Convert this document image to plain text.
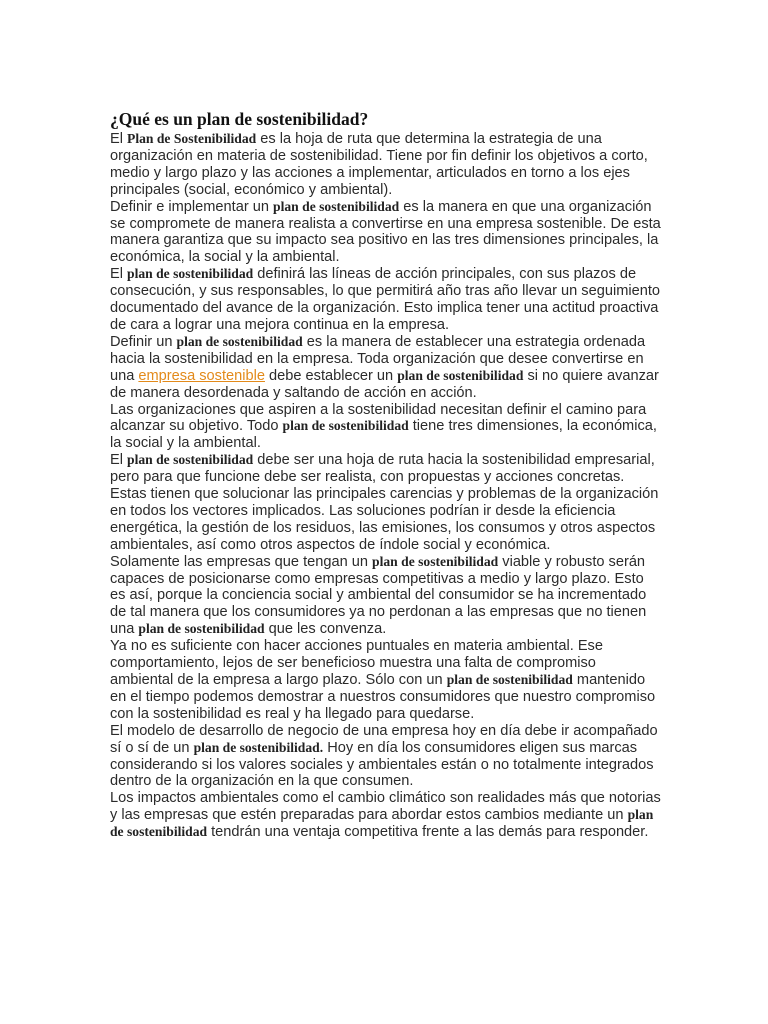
¿Qué es un plan de sostenibilidad?

El Plan de Sostenibilidad es la hoja de ruta que determina la estrategia de una organización en materia de sostenibilidad. Tiene por fin definir los objetivos a corto, medio y largo plazo y las acciones a implementar, articulados en torno a los ejes principales (social, económico y ambiental).

Definir e implementar un plan de sostenibilidad es la manera en que una organización se compromete de manera realista a convertirse en una empresa sostenible. De esta manera garantiza que su impacto sea positivo en las tres dimensiones principales, la económica, la social y la ambiental.

El plan de sostenibilidad definirá las líneas de acción principales, con sus plazos de consecución, y sus responsables, lo que permitirá año tras año llevar un seguimiento documentado del avance de la organización. Esto implica tener una actitud proactiva de cara a lograr una mejora continua en la empresa.

Definir un plan de sostenibilidad es la manera de establecer una estrategia ordenada hacia la sostenibilidad en la empresa. Toda organización que desee convertirse en una empresa sostenible debe establecer un plan de sostenibilidad si no quiere avanzar de manera desordenada y saltando de acción en acción.

Las organizaciones que aspiren a la sostenibilidad necesitan definir el camino para alcanzar su objetivo. Todo plan de sostenibilidad tiene tres dimensiones, la económica, la social y la ambiental.

El plan de sostenibilidad debe ser una hoja de ruta hacia la sostenibilidad empresarial, pero para que funcione debe ser realista, con propuestas y acciones concretas. Estas tienen que solucionar las principales carencias y problemas de la organización en todos los vectores implicados. Las soluciones podrían ir desde la eficiencia energética, la gestión de los residuos, las emisiones, los consumos y otros aspectos ambientales, así como otros aspectos de índole social y económica.

Solamente las empresas que tengan un plan de sostenibilidad viable y robusto serán capaces de posicionarse como empresas competitivas a medio y largo plazo. Esto es así, porque la conciencia social y ambiental del consumidor se ha incrementado de tal manera que los consumidores ya no perdonan a las empresas que no tienen una plan de sostenibilidad que les convenza.

Ya no es suficiente con hacer acciones puntuales en materia ambiental. Ese comportamiento, lejos de ser beneficioso muestra una falta de compromiso ambiental de la empresa a largo plazo. Sólo con un plan de sostenibilidad mantenido en el tiempo podemos demostrar a nuestros consumidores que nuestro compromiso con la sostenibilidad es real y ha llegado para quedarse.

El modelo de desarrollo de negocio de una empresa hoy en día debe ir acompañado sí o sí de un plan de sostenibilidad. Hoy en día los consumidores eligen sus marcas considerando si los valores sociales y ambientales están o no totalmente integrados dentro de la organización en la que consumen.

Los impactos ambientales como el cambio climático son realidades más que notorias y las empresas que estén preparadas para abordar estos cambios mediante un plan de sostenibilidad tendrán una ventaja competitiva frente a las demás para responder.
